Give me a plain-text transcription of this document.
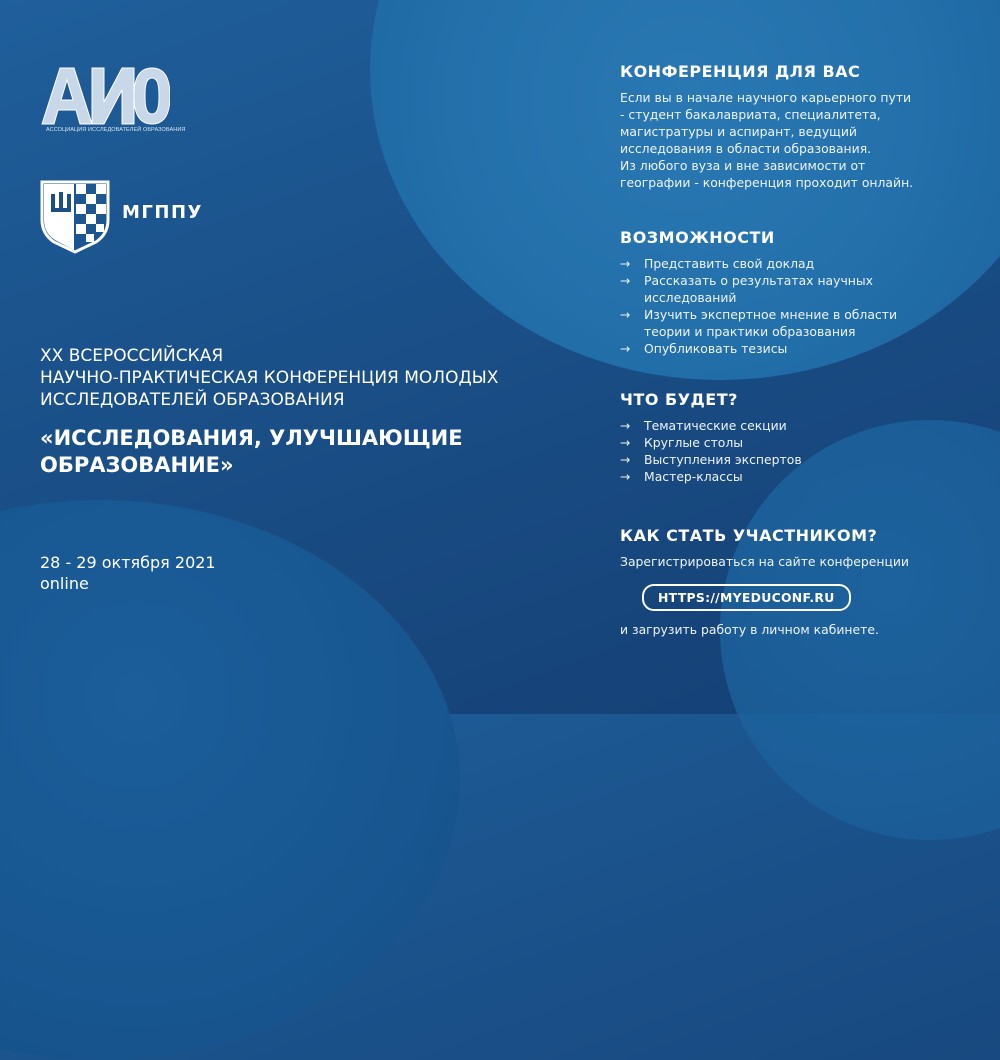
АССОЦИАЦИЯ ИССЛЕДОВАТЕЛЕЙ ОБРАЗОВАНИЯ
МГППУ
XX ВСЕРОССИЙСКАЯ
НАУЧНО-ПРАКТИЧЕСКАЯ КОНФЕРЕНЦИЯ МОЛОДЫХ
ИССЛЕДОВАТЕЛЕЙ ОБРАЗОВАНИЯ
«ИССЛЕДОВАНИЯ, УЛУЧШАЮЩИЕ
ОБРАЗОВАНИЕ»
28 - 29 октября 2021
online
КОНФЕРЕНЦИЯ ДЛЯ ВАС
Если вы в начале научного карьерного пути
- студент бакалавриата, специалитета,
магистратуры и аспирант, ведущий
исследования в области образования.
Из любого вуза и вне зависимости от
географии - конференция проходит онлайн.
ВОЗМОЖНОСТИ
→ Представить свой доклад
→ Рассказать о результатах научных
исследований
→ Изучить экспертное мнение в области
теории и практики образования
→ Опубликовать тезисы
ЧТО БУДЕТ?
→ Тематические секции
→ Круглые столы
→ Выступления экспертов
→ Мастер-классы
КАК СТАТЬ УЧАСТНИКОМ?
Зарегистрироваться на сайте конференции
HTTPS://MYEDUCONF.RU
и загрузить работу в личном кабинете.
